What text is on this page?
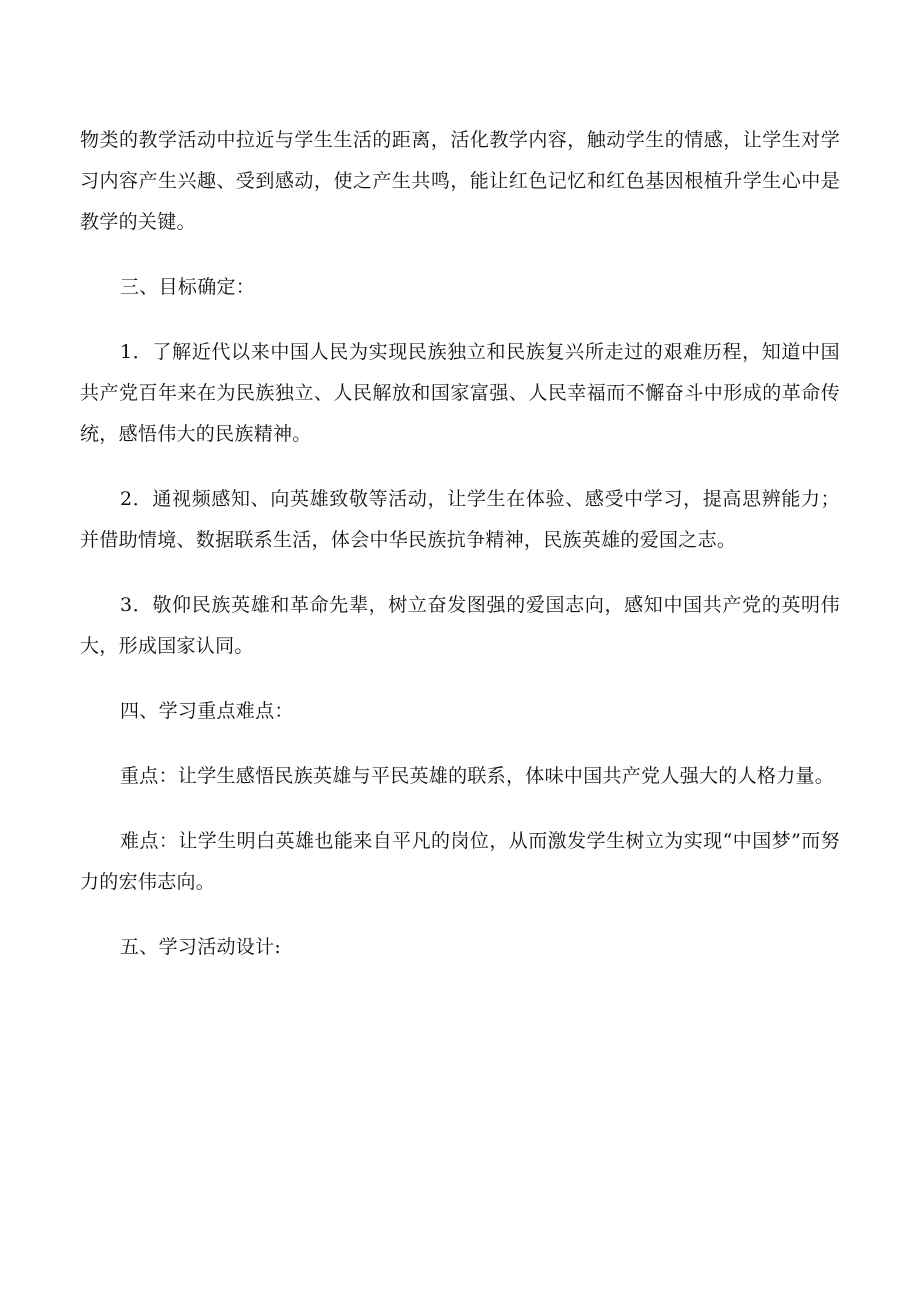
物类的教学活动中拉近与学生生活的距离，活化教学内容，触动学生的情感，让学生对学习内容产生兴趣、受到感动，使之产生共鸣，能让红色记忆和红色基因根植升学生心中是教学的关键。

三、目标确定：

1．了解近代以来中国人民为实现民族独立和民族复兴所走过的艰难历程，知道中国共产党百年来在为民族独立、人民解放和国家富强、人民幸福而不懈奋斗中形成的革命传统，感悟伟大的民族精神。

2．通视频感知、向英雄致敬等活动，让学生在体验、感受中学习，提高思辨能力；并借助情境、数据联系生活，体会中华民族抗争精神，民族英雄的爱国之志。

3．敬仰民族英雄和革命先辈，树立奋发图强的爱国志向，感知中国共产党的英明伟大，形成国家认同。

四、学习重点难点：

重点：让学生感悟民族英雄与平民英雄的联系，体味中国共产党人强大的人格力量。

难点：让学生明白英雄也能来自平凡的岗位，从而激发学生树立为实现“中国梦”而努力的宏伟志向。

五、学习活动设计:
